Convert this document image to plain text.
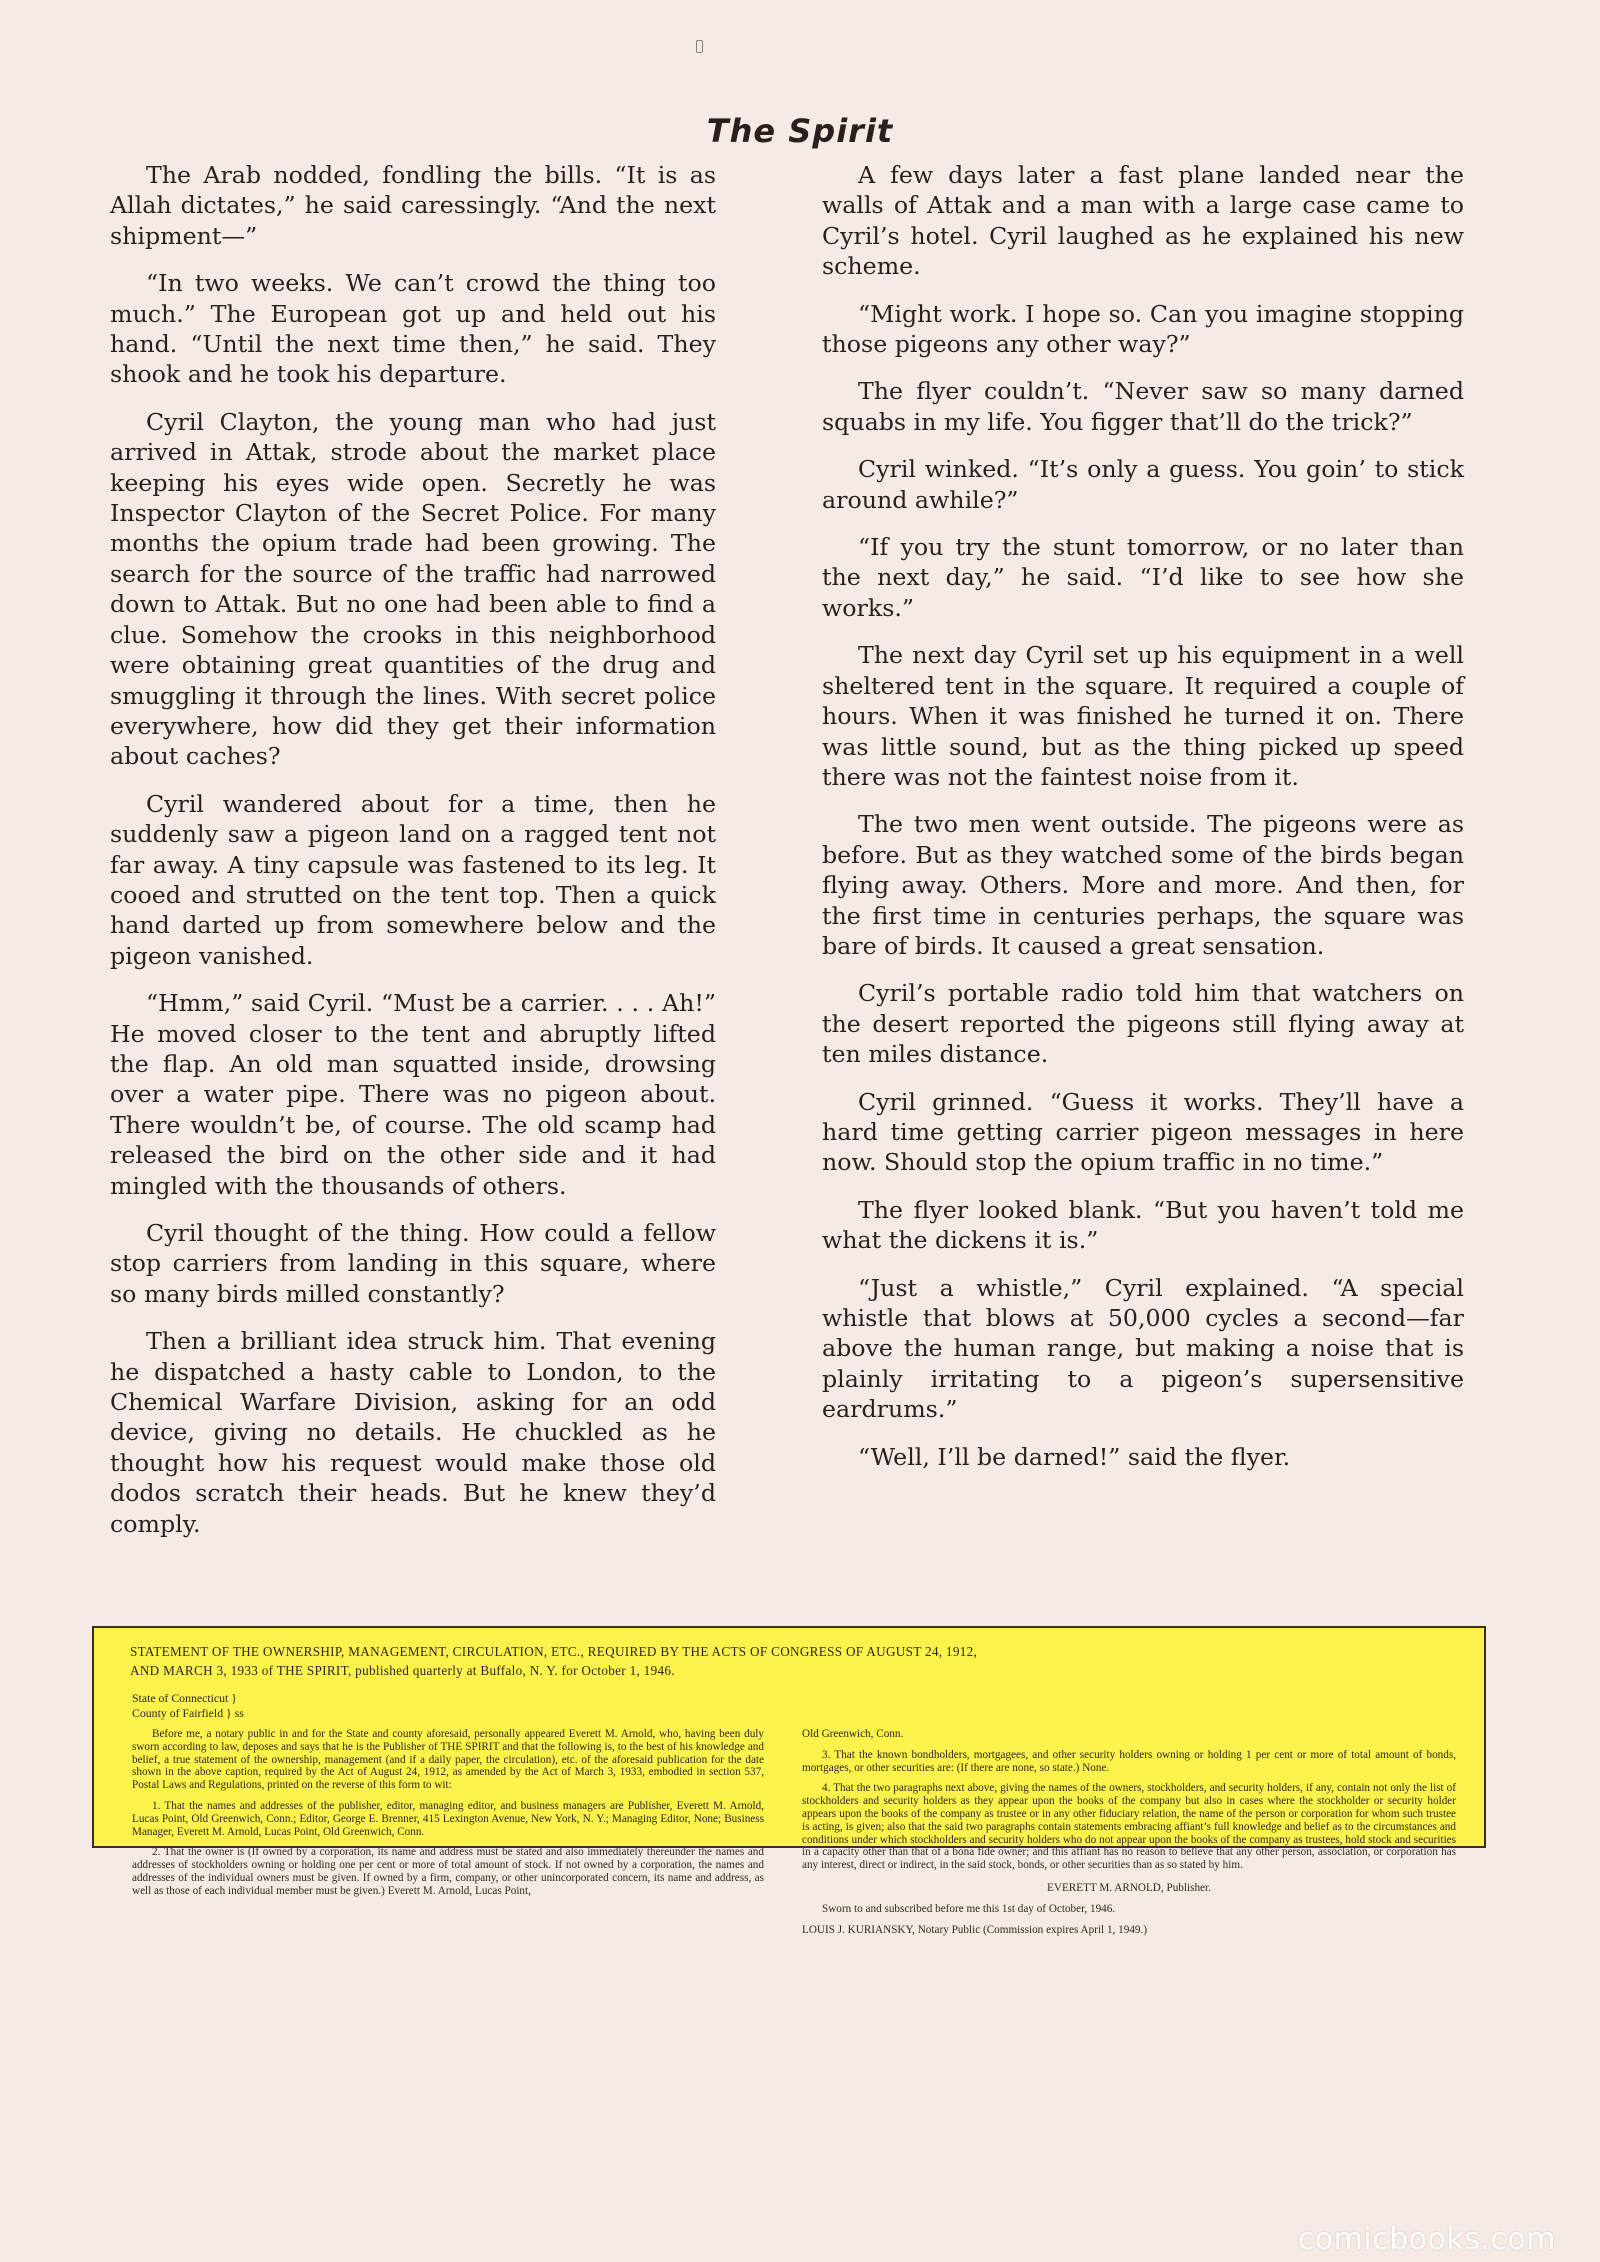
The Spirit

The Arab nodded, fondling the bills. “It is as Allah dictates,” he said caressingly. “And the next shipment—”

“In two weeks. We can’t crowd the thing too much.” The European got up and held out his hand. “Until the next time then,” he said. They shook and he took his departure.

Cyril Clayton, the young man who had just arrived in Attak, strode about the market place keeping his eyes wide open. Secretly he was Inspector Clayton of the Secret Police. For many months the opium trade had been growing. The search for the source of the traffic had narrowed down to Attak. But no one had been able to find a clue. Somehow the crooks in this neighborhood were obtaining great quantities of the drug and smuggling it through the lines. With secret police everywhere, how did they get their information about caches?

Cyril wandered about for a time, then he suddenly saw a pigeon land on a ragged tent not far away. A tiny capsule was fastened to its leg. It cooed and strutted on the tent top. Then a quick hand darted up from somewhere below and the pigeon vanished.

“Hmm,” said Cyril. “Must be a carrier. . . . Ah!” He moved closer to the tent and abruptly lifted the flap. An old man squatted inside, drowsing over a water pipe. There was no pigeon about. There wouldn’t be, of course. The old scamp had released the bird on the other side and it had mingled with the thousands of others.

Cyril thought of the thing. How could a fellow stop carriers from landing in this square, where so many birds milled constantly?

Then a brilliant idea struck him. That evening he dispatched a hasty cable to London, to the Chemical Warfare Division, asking for an odd device, giving no details. He chuckled as he thought how his request would make those old dodos scratch their heads. But he knew they’d comply.

A few days later a fast plane landed near the walls of Attak and a man with a large case came to Cyril’s hotel. Cyril laughed as he explained his new scheme.

“Might work. I hope so. Can you imagine stopping those pigeons any other way?”

The flyer couldn’t. “Never saw so many darned squabs in my life. You figger that’ll do the trick?”

Cyril winked. “It’s only a guess. You goin’ to stick around awhile?”

“If you try the stunt tomorrow, or no later than the next day,” he said. “I’d like to see how she works.”

The next day Cyril set up his equipment in a well sheltered tent in the square. It required a couple of hours. When it was finished he turned it on. There was little sound, but as the thing picked up speed there was not the faintest noise from it.

The two men went outside. The pigeons were as before. But as they watched some of the birds began flying away. Others. More and more. And then, for the first time in centuries perhaps, the square was bare of birds. It caused a great sensation.

Cyril’s portable radio told him that watchers on the desert reported the pigeons still flying away at ten miles distance.

Cyril grinned. “Guess it works. They’ll have a hard time getting carrier pigeon messages in here now. Should stop the opium traffic in no time.”

The flyer looked blank. “But you haven’t told me what the dickens it is.”

“Just a whistle,” Cyril explained. “A special whistle that blows at 50,000 cycles a second—far above the human range, but making a noise that is plainly irritating to a pigeon’s supersensitive eardrums.”

“Well, I’ll be darned!” said the flyer.

STATEMENT OF THE OWNERSHIP, MANAGEMENT, CIRCULATION, ETC., REQUIRED BY THE ACTS OF CONGRESS OF AUGUST 24, 1912,
AND MARCH 3, 1933 of THE SPIRIT, published quarterly at Buffalo, N. Y. for October 1, 1946.
State of Connecticut }
County of Fairfield } ss

Before me, a notary public in and for the State and county aforesaid, personally appeared Everett M. Arnold, who, having been duly sworn according to law, deposes and says that he is the Publisher of THE SPIRIT and that the following is, to the best of his knowledge and belief, a true statement of the ownership, management (and if a daily paper, the circulation), etc. of the aforesaid publication for the date shown in the above caption, required by the Act of August 24, 1912, as amended by the Act of March 3, 1933, embodied in section 537, Postal Laws and Regulations, printed on the reverse of this form to wit:

1. That the names and addresses of the publisher, editor, managing editor, and business managers are Publisher, Everett M. Arnold, Lucas Point, Old Greenwich, Conn.; Editor, George E. Brenner, 415 Lexington Avenue, New York, N. Y.; Managing Editor, None; Business Manager, Everett M. Arnold, Lucas Point, Old Greenwich, Conn.

2. That the owner is (If owned by a corporation, its name and address must be stated and also immediately thereunder the names and addresses of stockholders owning or holding one per cent or more of total amount of stock. If not owned by a corporation, the names and addresses of the individual owners must be given. If owned by a firm, company, or other unincorporated concern, its name and address, as well as those of each individual member must be given.) Everett M. Arnold, Lucas Point,

Old Greenwich, Conn.

3. That the known bondholders, mortgagees, and other security holders owning or holding 1 per cent or more of total amount of bonds, mortgages, or other securities are: (If there are none, so state.) None.

4. That the two paragraphs next above, giving the names of the owners, stockholders, and security holders, if any, contain not only the list of stockholders and security holders as they appear upon the books of the company but also in cases where the stockholder or security holder appears upon the books of the company as trustee or in any other fiduciary relation, the name of the person or corporation for whom such trustee is acting, is given; also that the said two paragraphs contain statements embracing affiant’s full knowledge and belief as to the circumstances and conditions under which stockholders and security holders who do not appear upon the books of the company as trustees, hold stock and securities in a capacity other than that of a bona fide owner; and this affiant has no reason to believe that any other person, association, or corporation has any interest, direct or indirect, in the said stock, bonds, or other securities than as so stated by him.

EVERETT M. ARNOLD, Publisher.

Sworn to and subscribed before me this 1st day of October, 1946.

LOUIS J. KURIANSKY, Notary Public (Commission expires April 1, 1949.)

comicbooks.com
